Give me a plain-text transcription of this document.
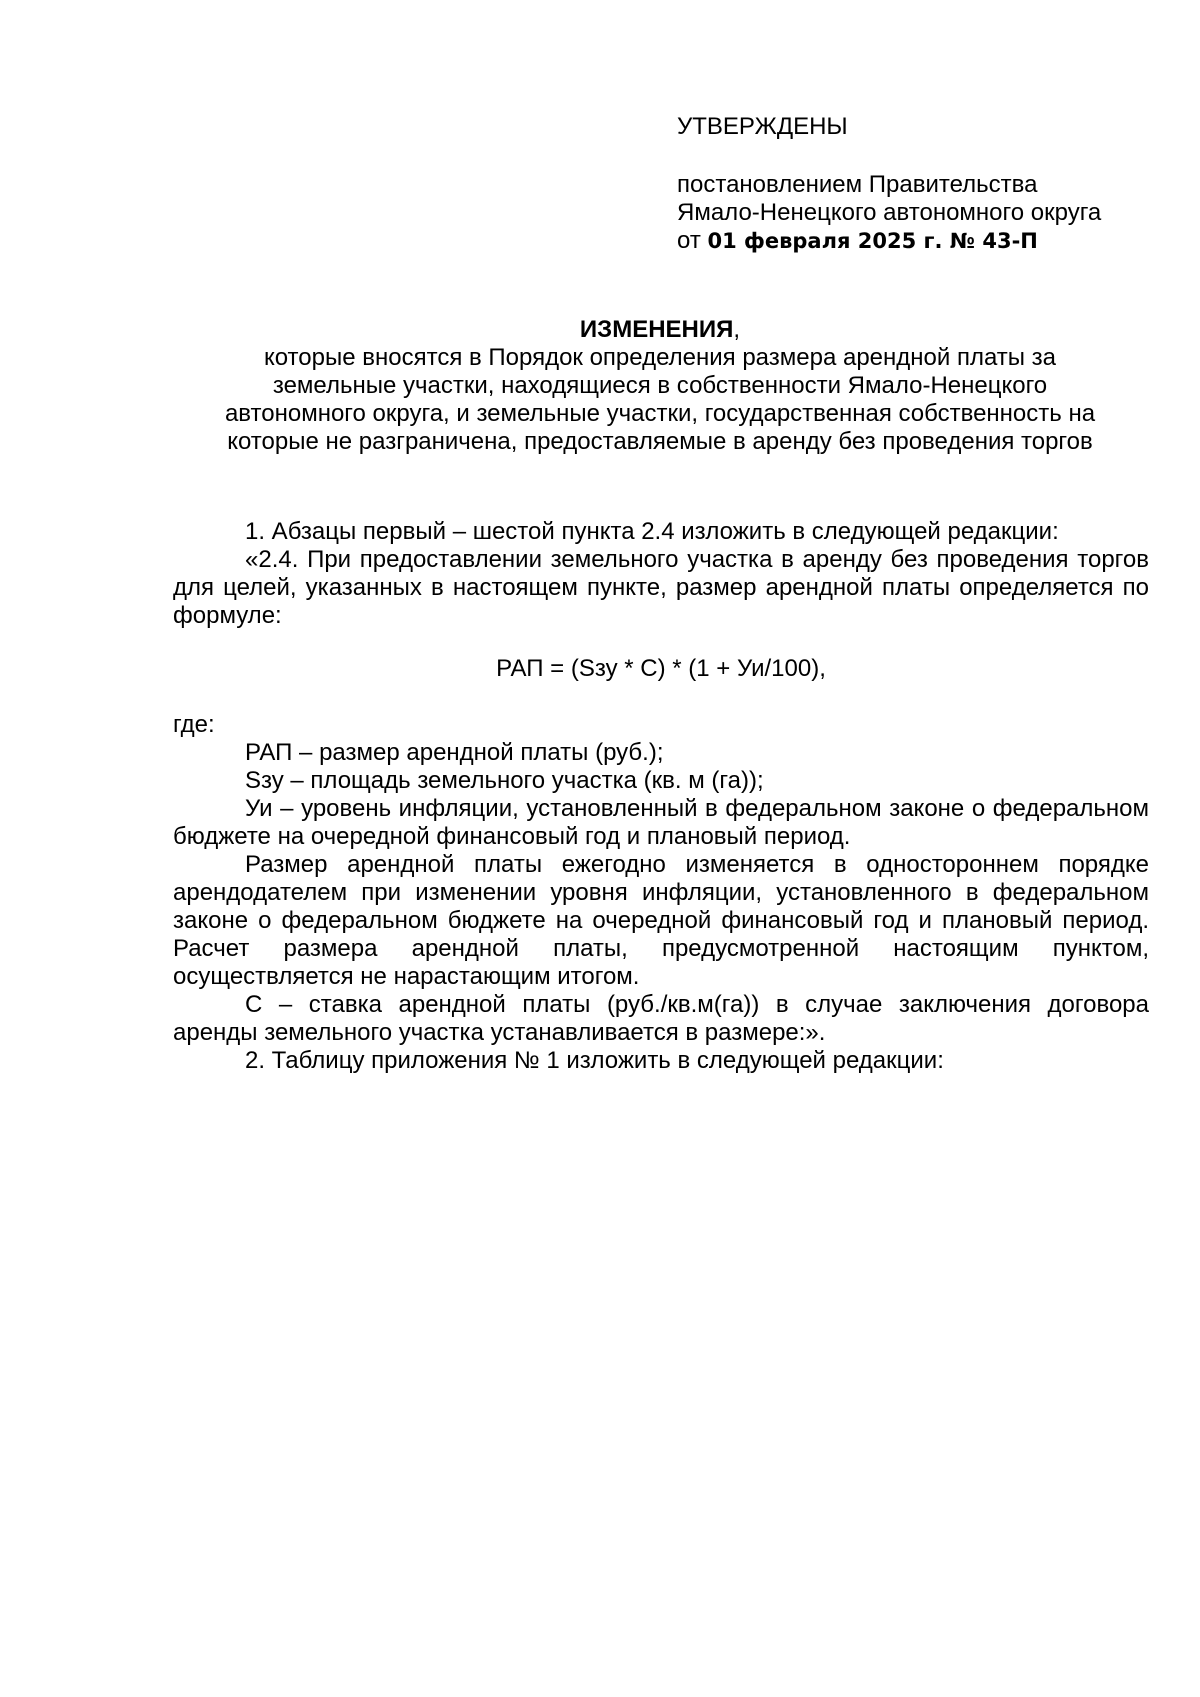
УТВЕРЖДЕНЫ
постановлением Правительства
Ямало-Ненецкого автономного округа
от 01 февраля 2025 г. № 43-П

ИЗМЕНЕНИЯ,

которые вносятся в Порядок определения размера арендной платы за

земельные участки, находящиеся в собственности Ямало-Ненецкого

автономного округа, и земельные участки, государственная собственность на

которые не разграничена, предоставляемые в аренду без проведения торгов

1. Абзацы первый – шестой пункта 2.4 изложить в следующей редакции:

«2.4. При предоставлении земельного участка в аренду без проведения торгов для целей, указанных в настоящем пункте, размер арендной платы определяется по формуле:

РАП = (Sзу * С) * (1 + Уи/100),

где:

РАП – размер арендной платы (руб.);

Sзу – площадь земельного участка (кв. м (га));

Уи – уровень инфляции, установленный в федеральном законе о федеральном бюджете на очередной финансовый год и плановый период.

Размер арендной платы ежегодно изменяется в одностороннем порядке арендодателем при изменении уровня инфляции, установленного в федеральном законе о федеральном бюджете на очередной финансовый год и плановый период. Расчет размера арендной платы, предусмотренной настоящим пунктом, осуществляется не нарастающим итогом.

С – ставка арендной платы (руб./кв.м(га)) в случае заключения договора аренды земельного участка устанавливается в размере:».

2. Таблицу приложения № 1 изложить в следующей редакции:
